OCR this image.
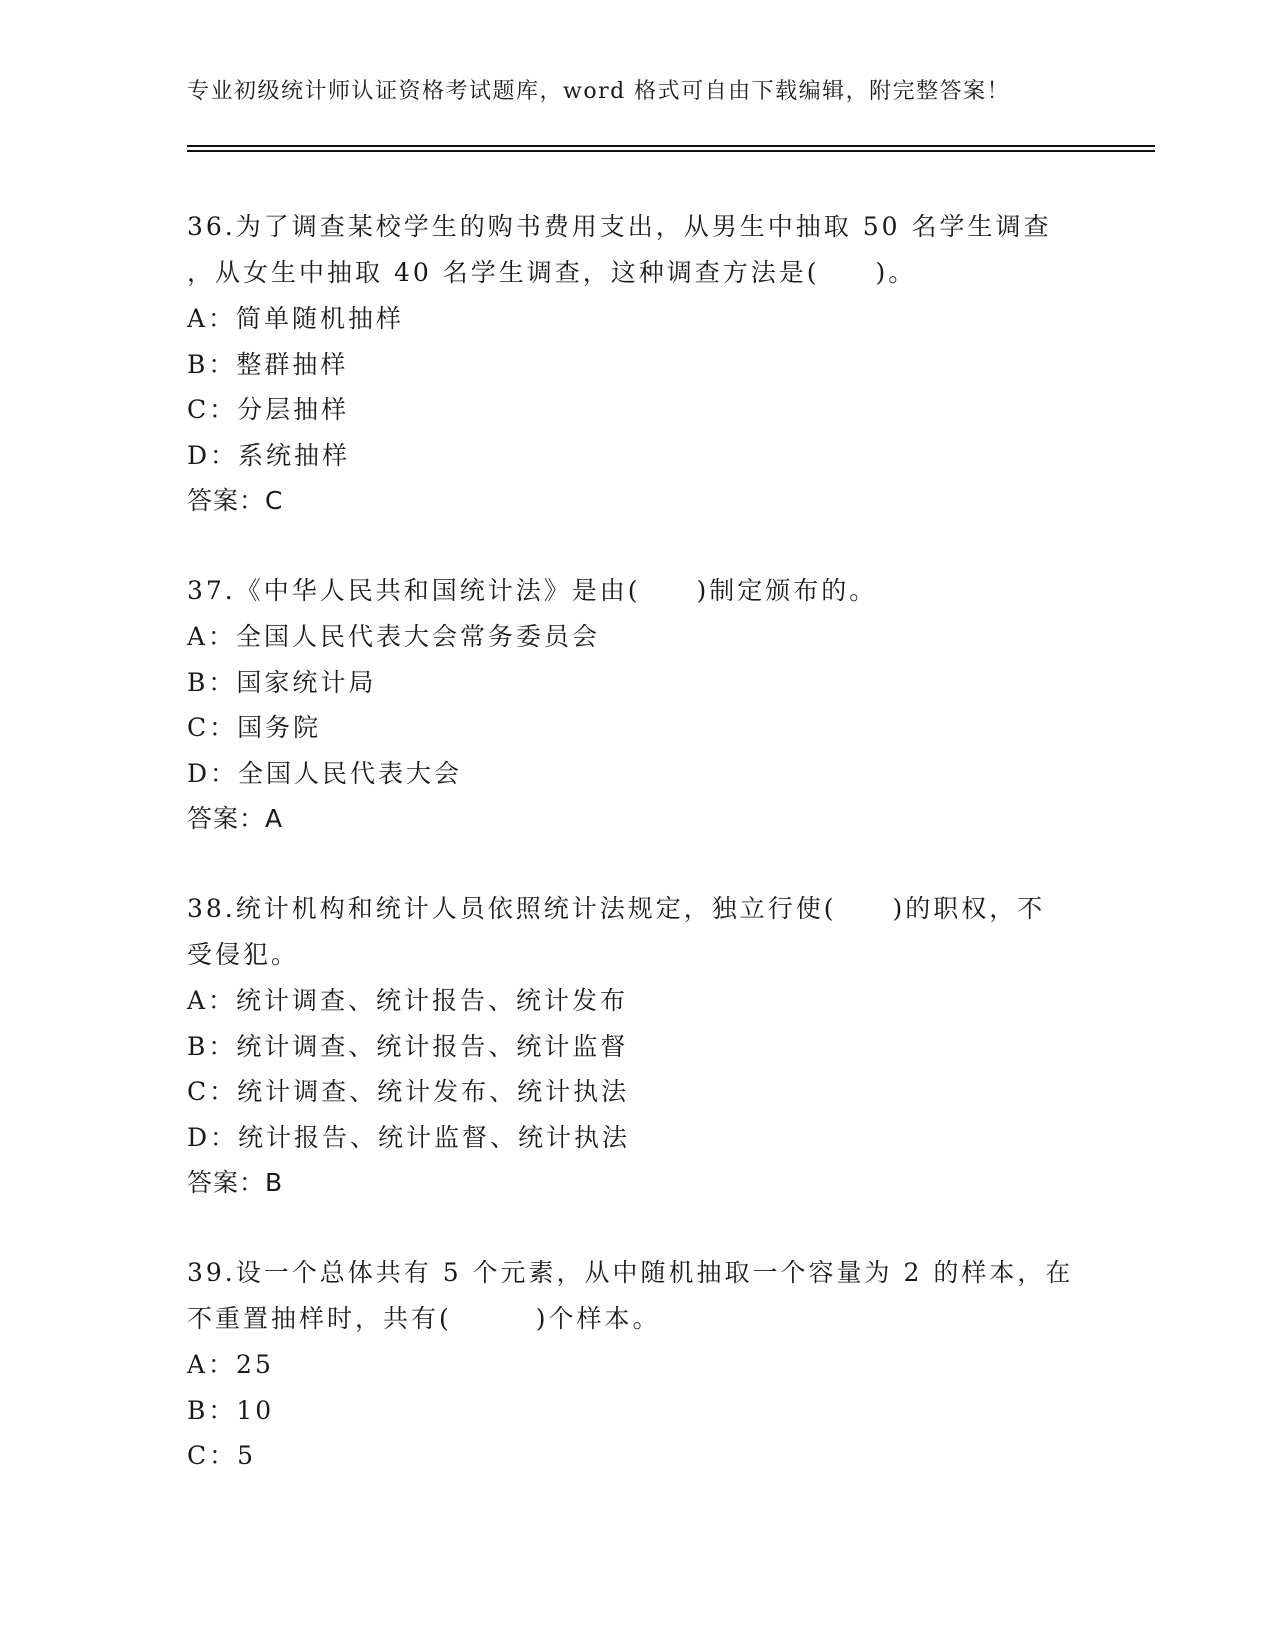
专业初级统计师认证资格考试题库，word 格式可自由下载编辑，附完整答案！
36.为了调查某校学生的购书费用支出，从男生中抽取 50 名学生调查
，从女生中抽取 40 名学生调查，这种调查方法是(　　)。
A：简单随机抽样
B：整群抽样
C：分层抽样
D：系统抽样
答案：C
37.《中华人民共和国统计法》是由(　　)制定颁布的。
A：全国人民代表大会常务委员会
B：国家统计局
C：国务院
D：全国人民代表大会
答案：A
38.统计机构和统计人员依照统计法规定，独立行使(　　)的职权，不
受侵犯。
A：统计调查、统计报告、统计发布
B：统计调查、统计报告、统计监督
C：统计调查、统计发布、统计执法
D：统计报告、统计监督、统计执法
答案：B
39.设一个总体共有 5 个元素，从中随机抽取一个容量为 2 的样本，在
不重置抽样时，共有(　　　)个样本。
A：25
B：10
C：5
